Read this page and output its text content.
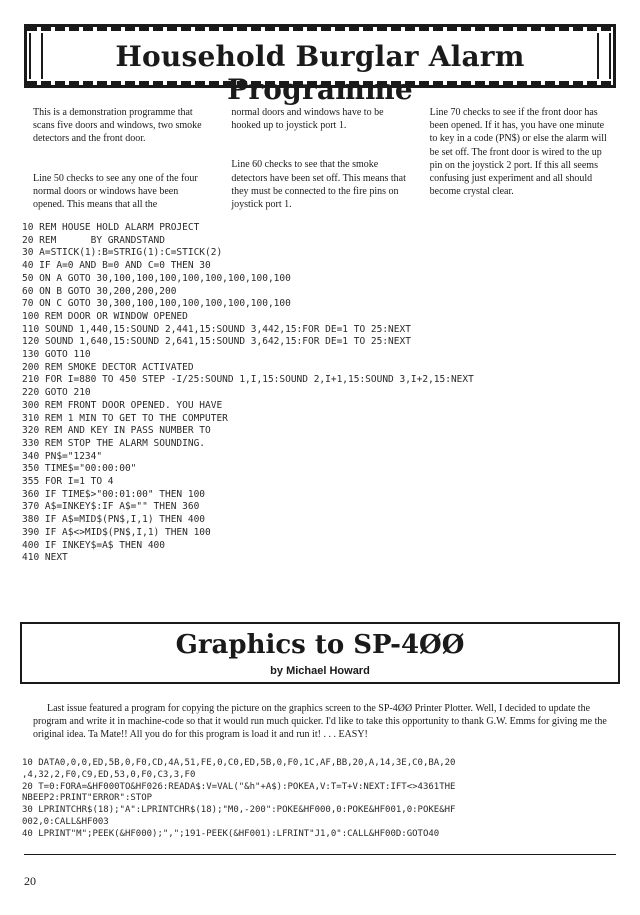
Household Burglar Alarm Programme

This is a demonstration programme that scans five doors and windows, two smoke detectors and the front door.

Line 50 checks to see any one of the four normal doors or windows have been opened. This means that all the

normal doors and windows have to be hooked up to joystick port 1.

Line 60 checks to see that the smoke detectors have been set off. This means that they must be connected to the fire pins on joystick port 1.

Line 70 checks to see if the front door has been opened. If it has, you have one minute to key in a code (PN$) or else the alarm will be set off. The front door is wired to the up pin on the joystick 2 port. If this all seems confusing just experiment and all should become crystal clear.

10 REM HOUSE HOLD ALARM PROJECT
20 REM      BY GRANDSTAND
30 A=STICK(1):B=STRIG(1):C=STICK(2)
40 IF A=0 AND B=0 AND C=0 THEN 30
50 ON A GOTO 30,100,100,100,100,100,100,100,100
60 ON B GOTO 30,200,200,200
70 ON C GOTO 30,300,100,100,100,100,100,100,100
100 REM DOOR OR WINDOW OPENED
110 SOUND 1,440,15:SOUND 2,441,15:SOUND 3,442,15:FOR DE=1 TO 25:NEXT
120 SOUND 1,640,15:SOUND 2,641,15:SOUND 3,642,15:FOR DE=1 TO 25:NEXT
130 GOTO 110
200 REM SMOKE DECTOR ACTIVATED
210 FOR I=880 TO 450 STEP -I/25:SOUND 1,I,15:SOUND 2,I+1,15:SOUND 3,I+2,15:NEXT
220 GOTO 210
300 REM FRONT DOOR OPENED. YOU HAVE
310 REM 1 MIN TO GET TO THE COMPUTER
320 REM AND KEY IN PASS NUMBER TO
330 REM STOP THE ALARM SOUNDING.
340 PN$="1234"
350 TIME$="00:00:00"
355 FOR I=1 TO 4
360 IF TIME$>"00:01:00" THEN 100
370 A$=INKEY$:IF A$="" THEN 360
380 IF A$=MID$(PN$,I,1) THEN 400
390 IF A$<>MID$(PN$,I,1) THEN 100
400 IF INKEY$=A$ THEN 400
410 NEXT
Graphics to SP-4ØØ
by Michael Howard

Last issue featured a program for copying the picture on the graphics screen to the SP-4ØØ Printer Plotter. Well, I decided to update the program and write it in machine-code so that it would run much quicker. I'd like to take this opportunity to thank G.W. Emms for giving me the original idea. Ta Mate!! All you do for this program is load it and run it! . . . EASY!

10 DATA0,0,0,ED,5B,0,F0,CD,4A,51,FE,0,C0,ED,5B,0,F0,1C,AF,BB,20,A,14,3E,C0,BA,20
,4,32,2,F0,C9,ED,53,0,F0,C3,3,F0
20 T=0:FORA=&HF000TO&HF026:READA$:V=VAL("&h"+A$):POKEA,V:T=T+V:NEXT:IFT<>4361THE
NBEEP2:PRINT"ERROR":STOP
30 LPRINTCHR$(18);"A":LPRINTCHR$(18);"M0,-200":POKE&HF000,0:POKE&HF001,0:POKE&HF
002,0:CALL&HF003
40 LPRINT"M";PEEK(&HF000);",";191-PEEK(&HF001):LFRINT"J1,0":CALL&HF00D:GOTO40
20
